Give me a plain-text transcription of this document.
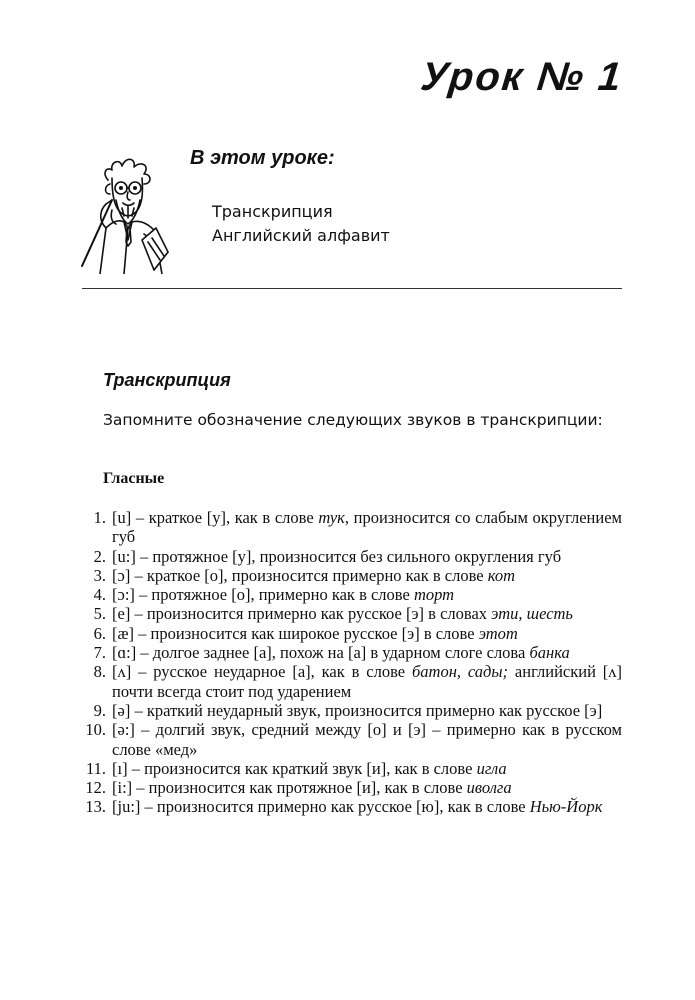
Урок № 1
В этом уроке:
Транскрипция
Английский алфавит
Транскрипция

Запомните обозначение следующих звуков в транскрипции:

Гласные
1. [u] – краткое [у], как в слове тук, произносится со слабым округлением губ
2. [u:] – протяжное [у], произносится без сильного округления губ
3. [ɔ] – краткое [о], произносится примерно как в слове кот
4. [ɔ:] – протяжное [о], примерно как в слове торт
5. [e] – произносится примерно как русское [э] в словах эти, шесть
6. [æ] – произносится как широкое русское [э] в слове этот
7. [ɑ:] – долгое заднее [а], похож на [а] в ударном слоге слова банка
8. [ʌ] – русское неударное [а], как в слове батон, сады; английский [ʌ] почти всегда стоит под ударением
9. [ə] – краткий неударный звук, произносится примерно как русское [э]
10. [ə:] – долгий звук, средний между [о] и [э] – примерно как в русском слове «мед»
11. [ı] – произносится как краткий звук [и], как в слове игла
12. [i:] – произносится как протяжное [и], как в слове иволга
13. [ju:] – произносится примерно как русское [ю], как в слове Нью-Йорк
